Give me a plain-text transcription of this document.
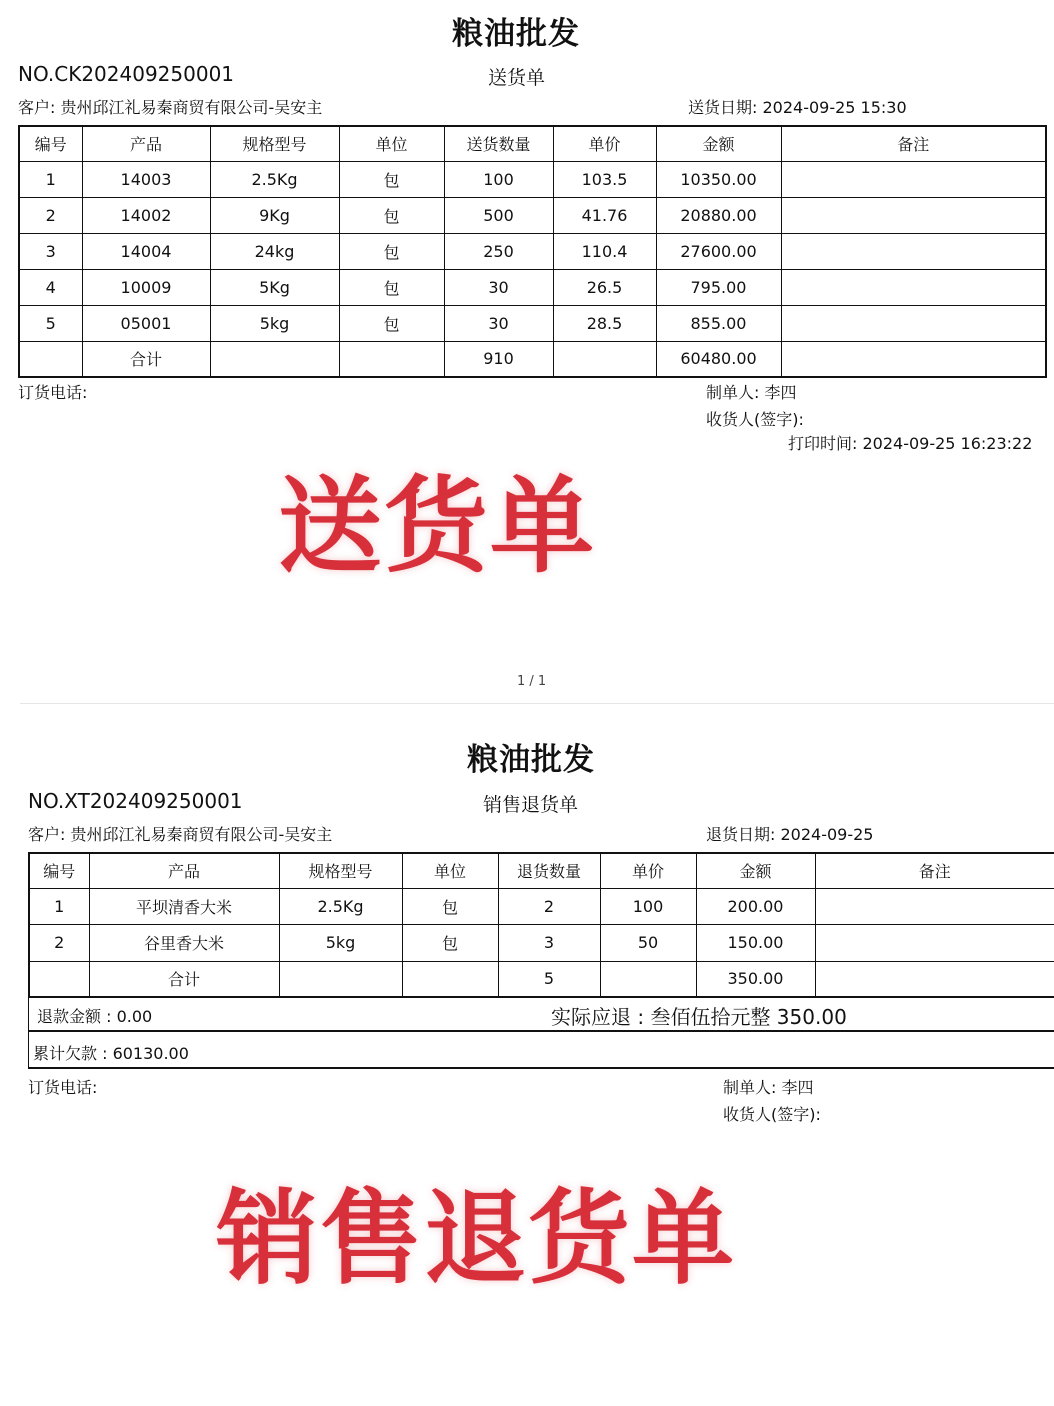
粮油批发
NO.CK202409250001	送货单
客户: 贵州邱江礼易秦商贸有限公司-吴安主	送货日期: 2024-09-25 15:30
编号	产品	规格型号	单位	送货数量	单价	金额	备注
1	14003	2.5Kg	包	100	103.5	10350.00	
2	14002	9Kg	包	500	41.76	20880.00	
3	14004	24kg	包	250	110.4	27600.00	
4	10009	5Kg	包	30	26.5	795.00	
5	05001	5kg	包	30	28.5	855.00	
	合计			910		60480.00	
订货电话:	制单人: 李四
收货人(签字):
打印时间: 2024-09-25 16:23:22
送货单
1 / 1
粮油批发
NO.XT202409250001	销售退货单
客户: 贵州邱江礼易秦商贸有限公司-吴安主	退货日期: 2024-09-25
编号	产品	规格型号	单位	退货数量	单价	金额	备注
1	平坝清香大米	2.5Kg	包	2	100	200.00	
2	谷里香大米	5kg	包	3	50	150.00	
	合计			5		350.00	
退款金额 : 0.00	实际应退 : 叁佰伍拾元整 350.00
累计欠款 : 60130.00
订货电话:	制单人: 李四
收货人(签字):
销售退货单
